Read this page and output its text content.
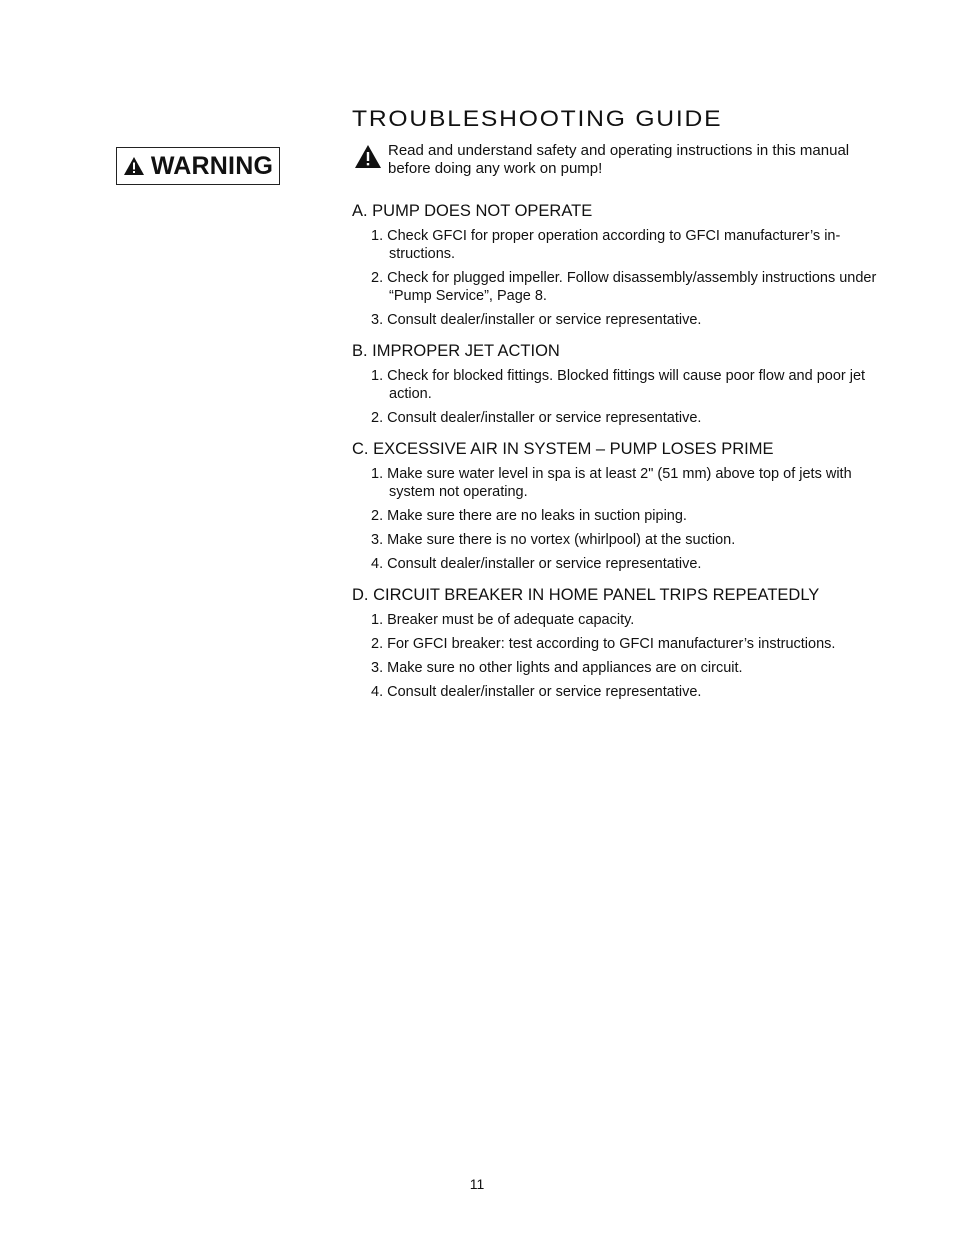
WARNING
TROUBLESHOOTING GUIDE
Read and understand safety and operating instructions in this manual before doing any work on pump!
A. PUMP DOES NOT OPERATE
1. Check GFCI for proper operation according to GFCI manufacturer’s in-structions.
2. Check for plugged impeller. Follow disassembly/assembly instructions under “Pump Service”, Page 8.
3. Consult dealer/installer or service representative.
B. IMPROPER JET ACTION
1. Check for blocked fittings. Blocked fittings will cause poor flow and poor jet action.
2. Consult dealer/installer or service representative.
C. EXCESSIVE AIR IN SYSTEM – PUMP LOSES PRIME
1. Make sure water level in spa is at least 2" (51 mm) above top of jets with system not operating.
2. Make sure there are no leaks in suction piping.
3. Make sure there is no vortex (whirlpool) at the suction.
4. Consult dealer/installer or service representative.
D. CIRCUIT BREAKER IN HOME PANEL TRIPS REPEATEDLY
1. Breaker must be of adequate capacity.
2. For GFCI breaker: test according to GFCI manufacturer’s instructions.
3. Make sure no other lights and appliances are on circuit.
4. Consult dealer/installer or service representative.
11
